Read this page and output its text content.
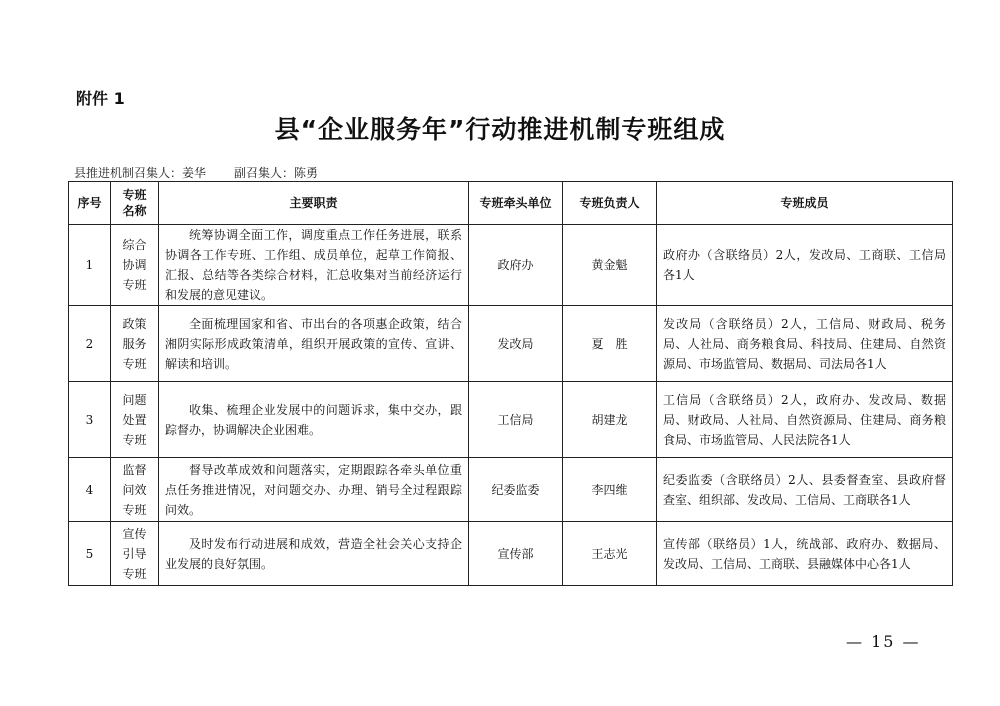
附件 1
县“企业服务年”行动推进机制专班组成
县推进机制召集人：姜华 副召集人：陈勇
序号	专班名称	主要职责	专班牵头单位	专班负责人	专班成员
1	综合协调专班	统筹协调全面工作，调度重点工作任务进展，联系协调各工作专班、工作组、成员单位，起草工作简报、汇报、总结等各类综合材料，汇总收集对当前经济运行和发展的意见建议。	政府办	黄金魁	政府办（含联络员）2人，发改局、工商联、工信局各1人
2	政策服务专班	全面梳理国家和省、市出台的各项惠企政策，结合湘阴实际形成政策清单，组织开展政策的宣传、宣讲、解读和培训。	发改局	夏　胜	发改局（含联络员）2人，工信局、财政局、税务局、人社局、商务粮食局、科技局、住建局、自然资源局、市场监管局、数据局、司法局各1人
3	问题处置专班	收集、梳理企业发展中的问题诉求，集中交办，跟踪督办，协调解决企业困难。	工信局	胡建龙	工信局（含联络员）2人，政府办、发改局、数据局、财政局、人社局、自然资源局、住建局、商务粮食局、市场监管局、人民法院各1人
4	监督问效专班	督导改革成效和问题落实，定期跟踪各牵头单位重点任务推进情况，对问题交办、办理、销号全过程跟踪问效。	纪委监委	李四维	纪委监委（含联络员）2人、县委督查室、县政府督查室、组织部、发改局、工信局、工商联各1人
5	宣传引导专班	及时发布行动进展和成效，营造全社会关心支持企业发展的良好氛围。	宣传部	王志光	宣传部（联络员）1人，统战部、政府办、数据局、发改局、工信局、工商联、县融媒体中心各1人
— 15 —
